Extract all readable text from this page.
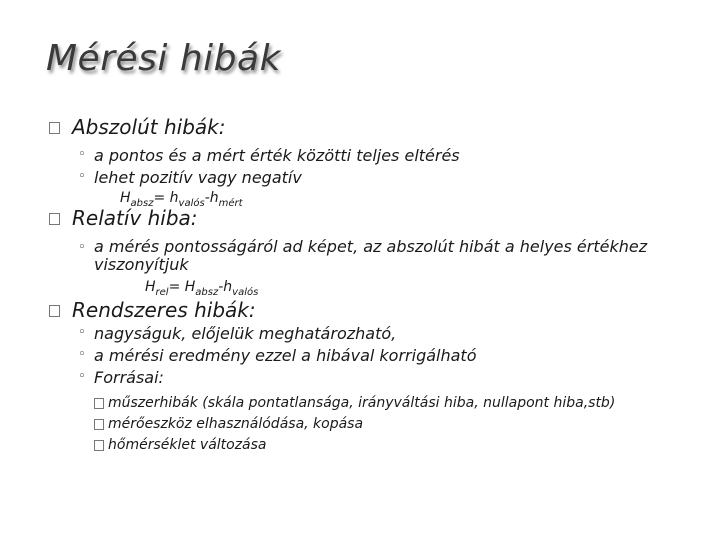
Mérési hibák
Abszolút hibák:
◦ a pontos és a mért érték közötti teljes eltérés
◦ lehet pozitív vagy negatív
$H_{absz}= h_{valós}-h_{mért}$
Relatív hiba:
◦ a mérés pontosságáról ad képet, az abszolút hibát a helyes értékhez viszonyítjuk
$H_{rel}= H_{absz}-h_{valós}$
Rendszeres hibák:
◦ nagyságuk, előjelük meghatározható,
◦ a mérési eredmény ezzel a hibával korrigálható
◦ Forrásai:
műszerhibák (skála pontatlansága, irányváltási hiba, nullapont hiba,stb)
mérőeszköz elhasználódása, kopása
hőmérséklet változása
